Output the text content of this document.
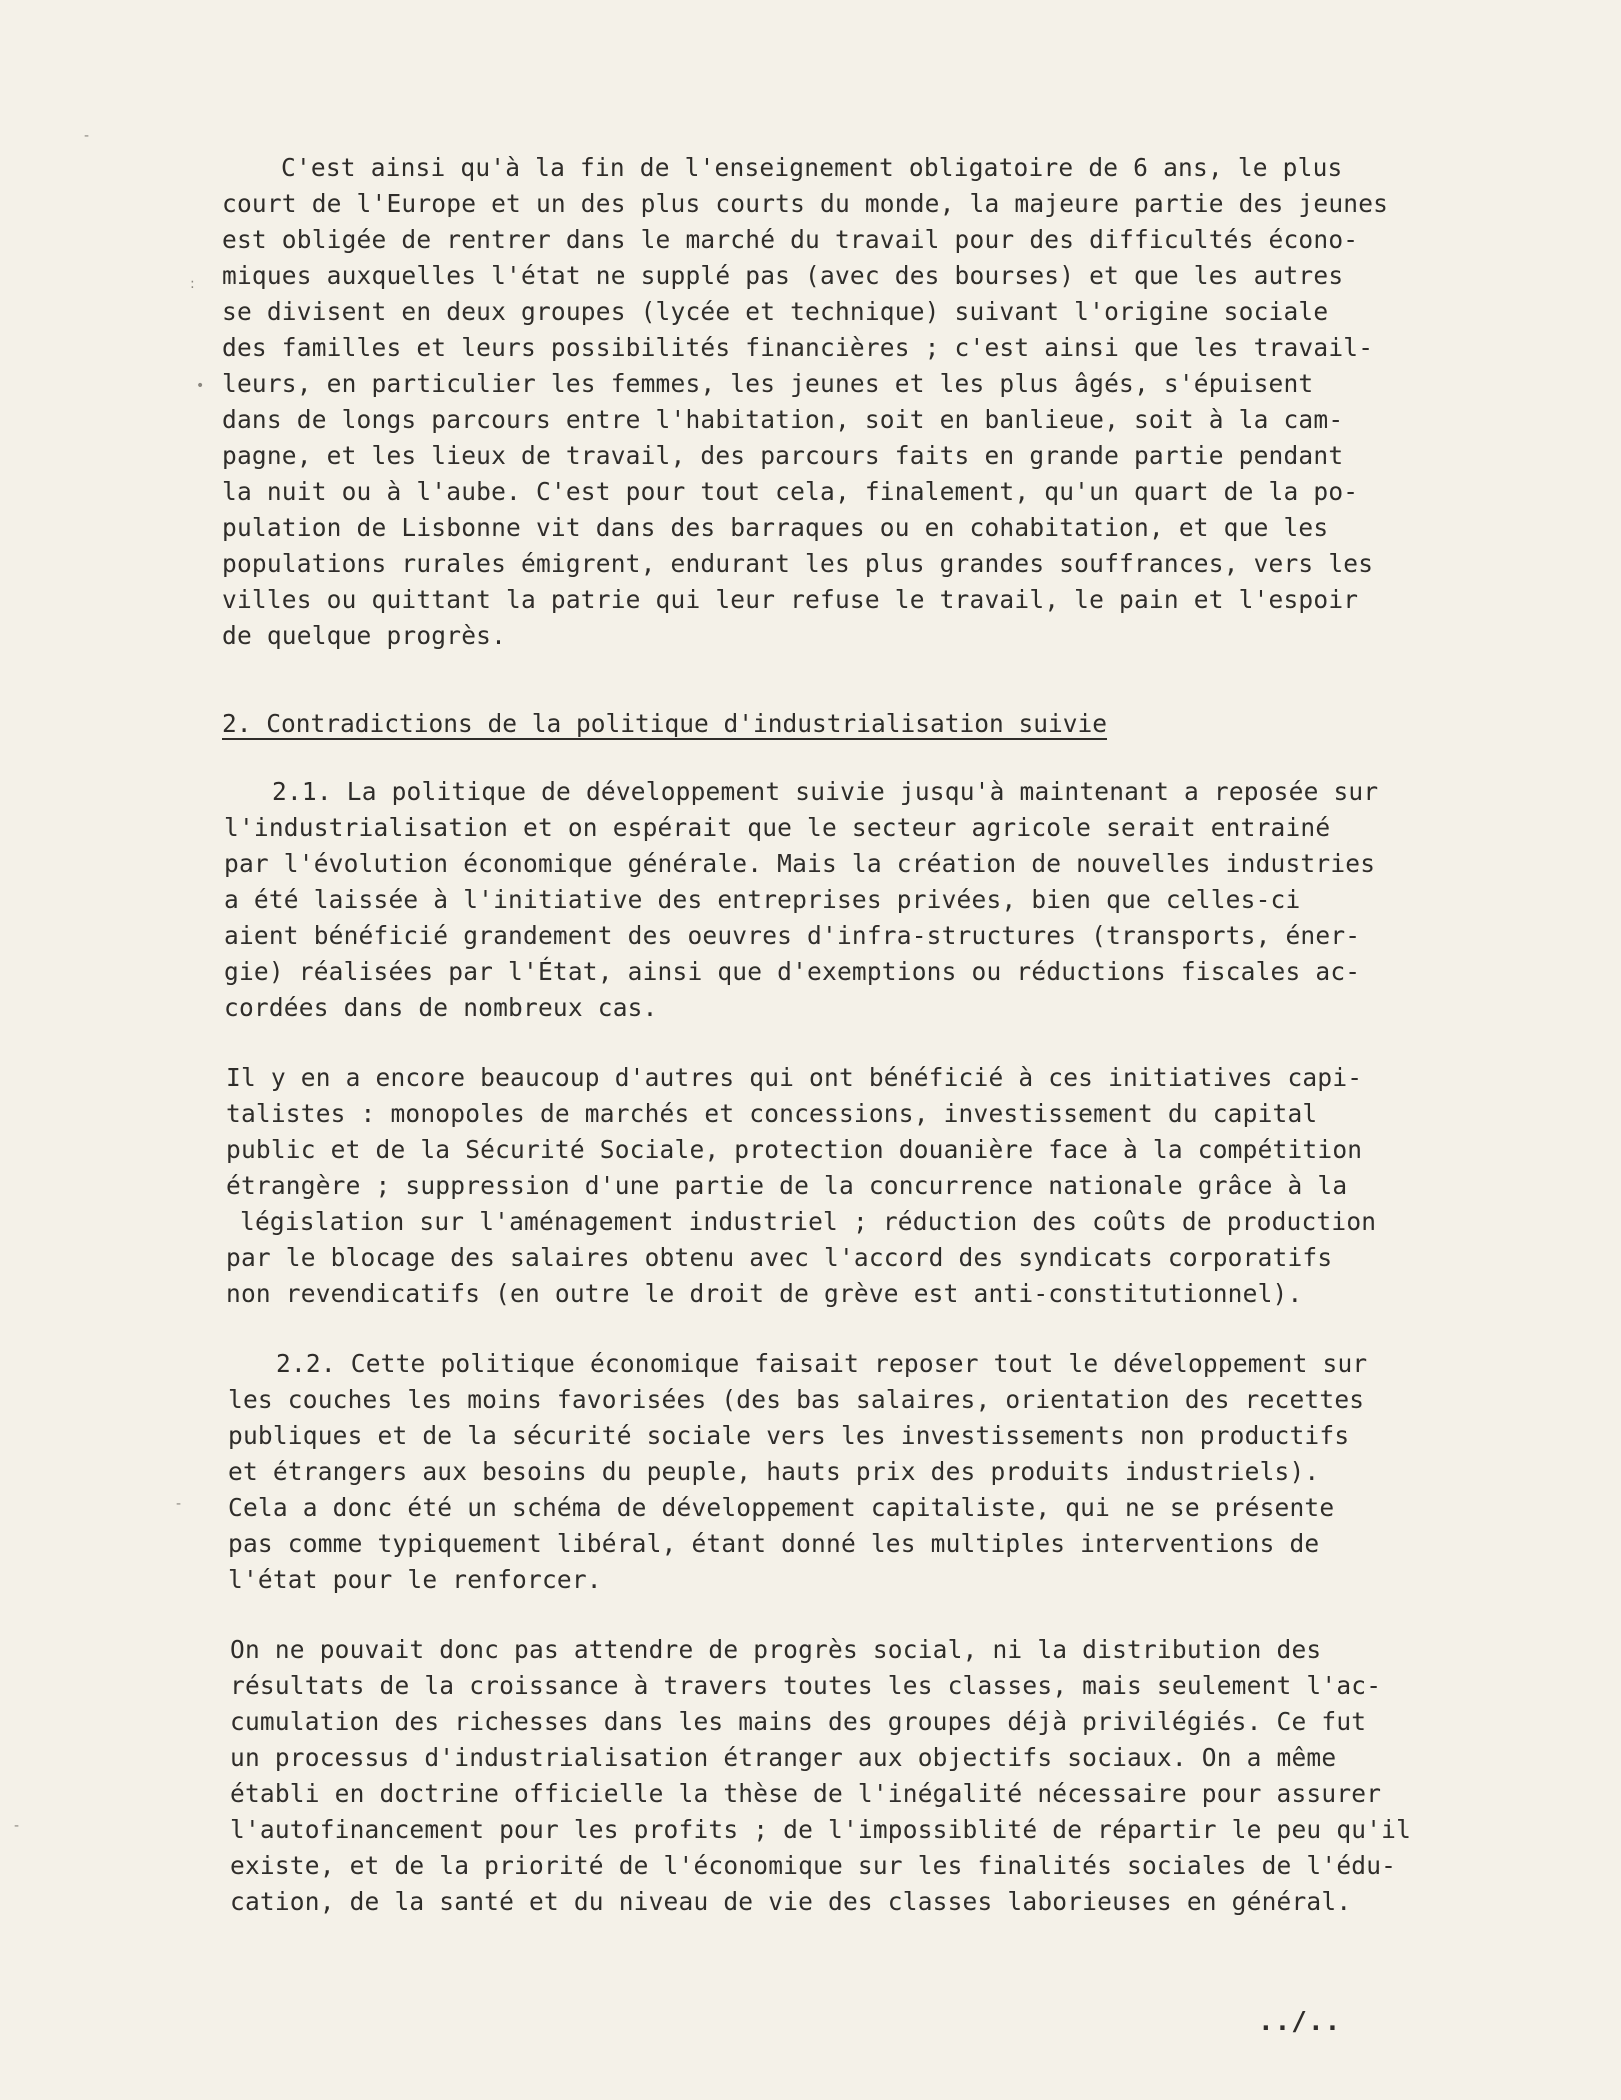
C'est ainsi qu'à la fin de l'enseignement obligatoire de 6 ans, le plus
court de l'Europe et un des plus courts du monde, la majeure partie des jeunes
est obligée de rentrer dans le marché du travail pour des difficultés écono-
miques auxquelles l'état ne supplé pas (avec des bourses) et que les autres
se divisent en deux groupes (lycée et technique) suivant l'origine sociale
des familles et leurs possibilités financières ; c'est ainsi que les travail-
leurs, en particulier les femmes, les jeunes et les plus âgés, s'épuisent
dans de longs parcours entre l'habitation, soit en banlieue, soit à la cam-
pagne, et les lieux de travail, des parcours faits en grande partie pendant
la nuit ou à l'aube. C'est pour tout cela, finalement, qu'un quart de la po-
pulation de Lisbonne vit dans des barraques ou en cohabitation, et que les
populations rurales émigrent, endurant les plus grandes souffrances, vers les
villes ou quittant la patrie qui leur refuse le travail, le pain et l'espoir
de quelque progrès.
2. Contradictions de la politique d'industrialisation suivie
2.1. La politique de développement suivie jusqu'à maintenant a reposée sur
l'industrialisation et on espérait que le secteur agricole serait entrainé
par l'évolution économique générale. Mais la création de nouvelles industries
a été laissée à l'initiative des entreprises privées, bien que celles-ci
aient bénéficié grandement des oeuvres d'infra-structures (transports, éner-
gie) réalisées par l'État, ainsi que d'exemptions ou réductions fiscales ac-
cordées dans de nombreux cas.
Il y en a encore beaucoup d'autres qui ont bénéficié à ces initiatives capi-
talistes : monopoles de marchés et concessions, investissement du capital
public et de la Sécurité Sociale, protection douanière face à la compétition
étrangère ; suppression d'une partie de la concurrence nationale grâce à la
législation sur l'aménagement industriel ; réduction des coûts de production
par le blocage des salaires obtenu avec l'accord des syndicats corporatifs
non revendicatifs (en outre le droit de grève est anti-constitutionnel).
2.2. Cette politique économique faisait reposer tout le développement sur
les couches les moins favorisées (des bas salaires, orientation des recettes
publiques et de la sécurité sociale vers les investissements non productifs
et étrangers aux besoins du peuple, hauts prix des produits industriels).
Cela a donc été un schéma de développement capitaliste, qui ne se présente
pas comme typiquement libéral, étant donné les multiples interventions de
l'état pour le renforcer.
On ne pouvait donc pas attendre de progrès social, ni la distribution des
résultats de la croissance à travers toutes les classes, mais seulement l'ac-
cumulation des richesses dans les mains des groupes déjà privilégiés. Ce fut
un processus d'industrialisation étranger aux objectifs sociaux. On a même
établi en doctrine officielle la thèse de l'inégalité nécessaire pour assurer
l'autofinancement pour les profits ; de l'impossiblité de répartir le peu qu'il
existe, et de la priorité de l'économique sur les finalités sociales de l'édu-
cation, de la santé et du niveau de vie des classes laborieuses en général.
../..
-
:
•
-
-
